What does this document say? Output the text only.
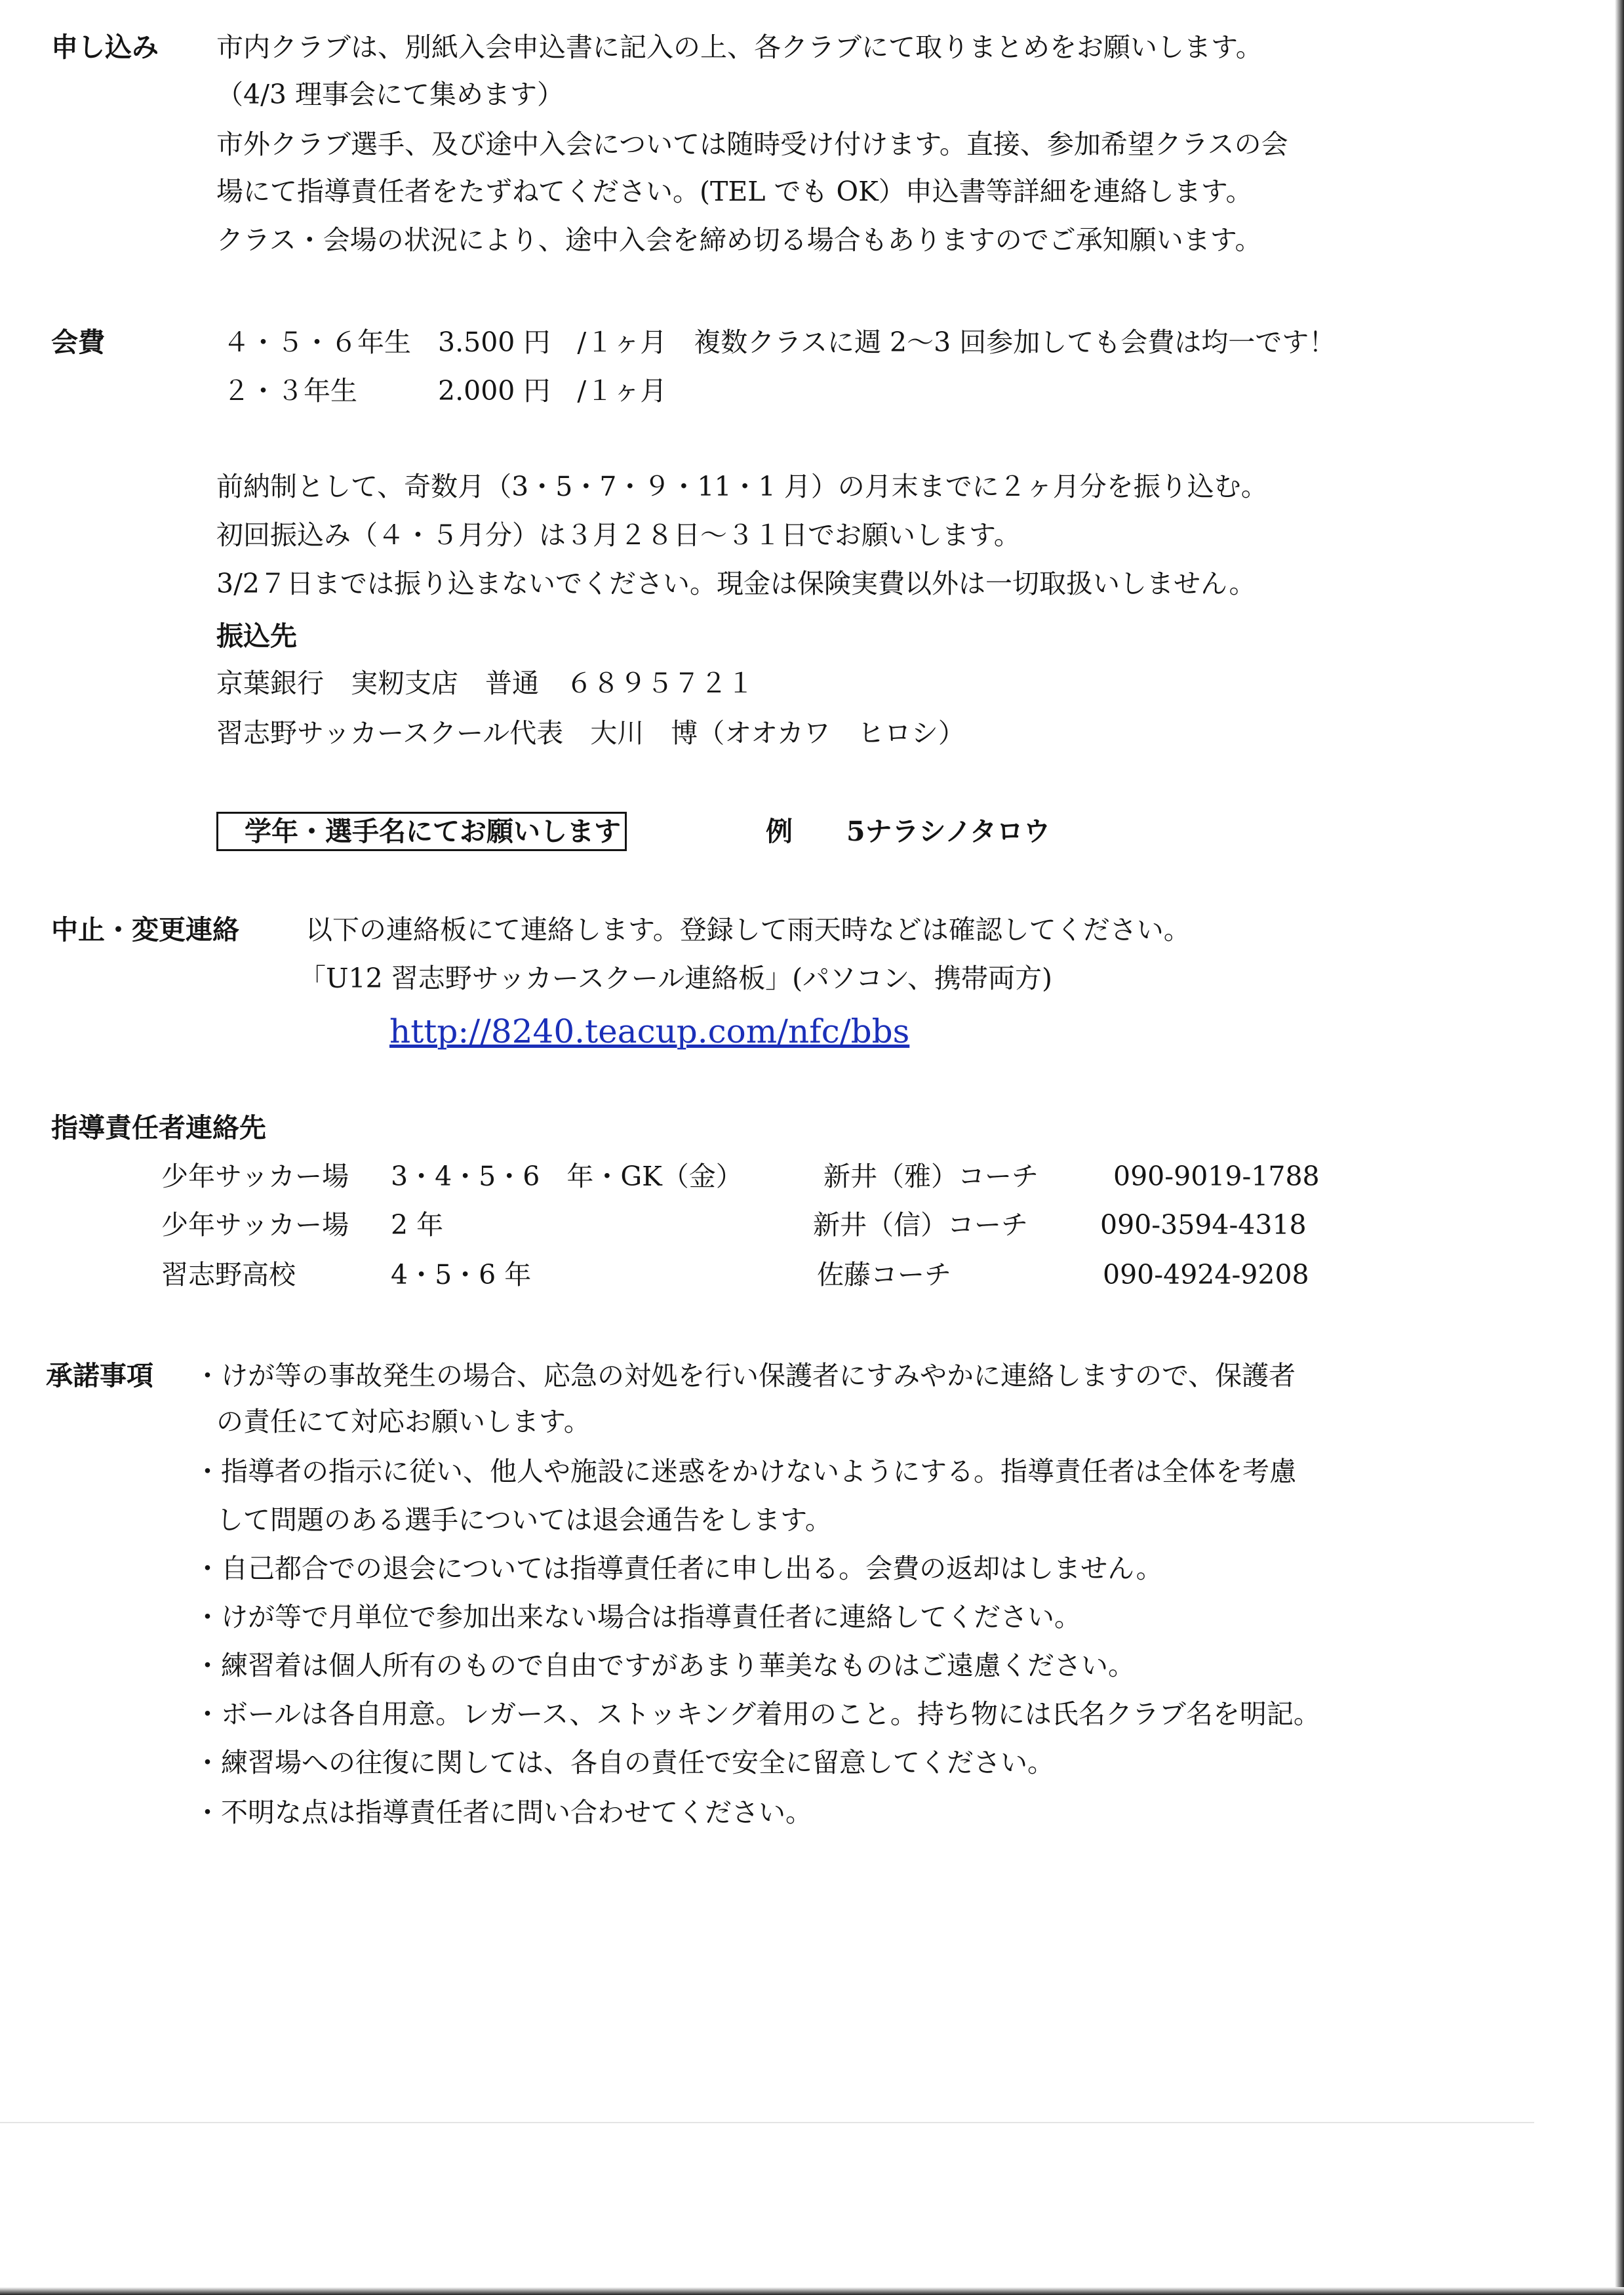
申し込み 市内クラブは、別紙入会申込書に記入の上、各クラブにて取りまとめをお願いします。
（4/3 理事会にて集めます）
市外クラブ選手、及び途中入会については随時受け付けます。直接、参加希望クラスの会
場にて指導責任者をたずねてください。(TEL でも OK）申込書等詳細を連絡します。
クラス・会場の状況により、途中入会を締め切る場合もありますのでご承知願います。
会費	４・５・６年生　3.500 円　/１ヶ月　複数クラスに週 2～3 回参加しても会費は均一です！
２・３年生　　　2.000 円　/１ヶ月
前納制として、奇数月（3・5・7・９・11・1 月）の月末までに２ヶ月分を振り込む。
初回振込み（４・５月分）は３月２８日～３１日でお願いします。
3/2７日までは振り込まないでください。現金は保険実費以外は一切取扱いしません。
振込先
京葉銀行　実籾支店　普通　６８９５７２１
習志野サッカースクール代表　大川　博（オオカワ　ヒロシ）
学年・選手名にてお願いします	例　　5ナラシノタロウ
中止・変更連絡 以下の連絡板にて連絡します。登録して雨天時などは確認してください。
「U12 習志野サッカースクール連絡板」(パソコン、携帯両方)
http://8240.teacup.com/nfc/bbs
指導責任者連絡先
少年サッカー場 3・4・5・6　年・GK（金）	新井（雅）コーチ	090-9019-1788
少年サッカー場 2 年	新井（信）コーチ	090-3594-4318
習志野高校	4・5・6 年	佐藤コーチ	090-4924-9208
承諾事項 ・けが等の事故発生の場合、応急の対処を行い保護者にすみやかに連絡しますので、保護者
の責任にて対応お願いします。
・指導者の指示に従い、他人や施設に迷惑をかけないようにする。指導責任者は全体を考慮
して問題のある選手については退会通告をします。
・自己都合での退会については指導責任者に申し出る。会費の返却はしません。
・けが等で月単位で参加出来ない場合は指導責任者に連絡してください。
・練習着は個人所有のもので自由ですがあまり華美なものはご遠慮ください。
・ボールは各自用意。レガース、ストッキング着用のこと。持ち物には氏名クラブ名を明記。
・練習場への往復に関しては、各自の責任で安全に留意してください。
・不明な点は指導責任者に問い合わせてください。
